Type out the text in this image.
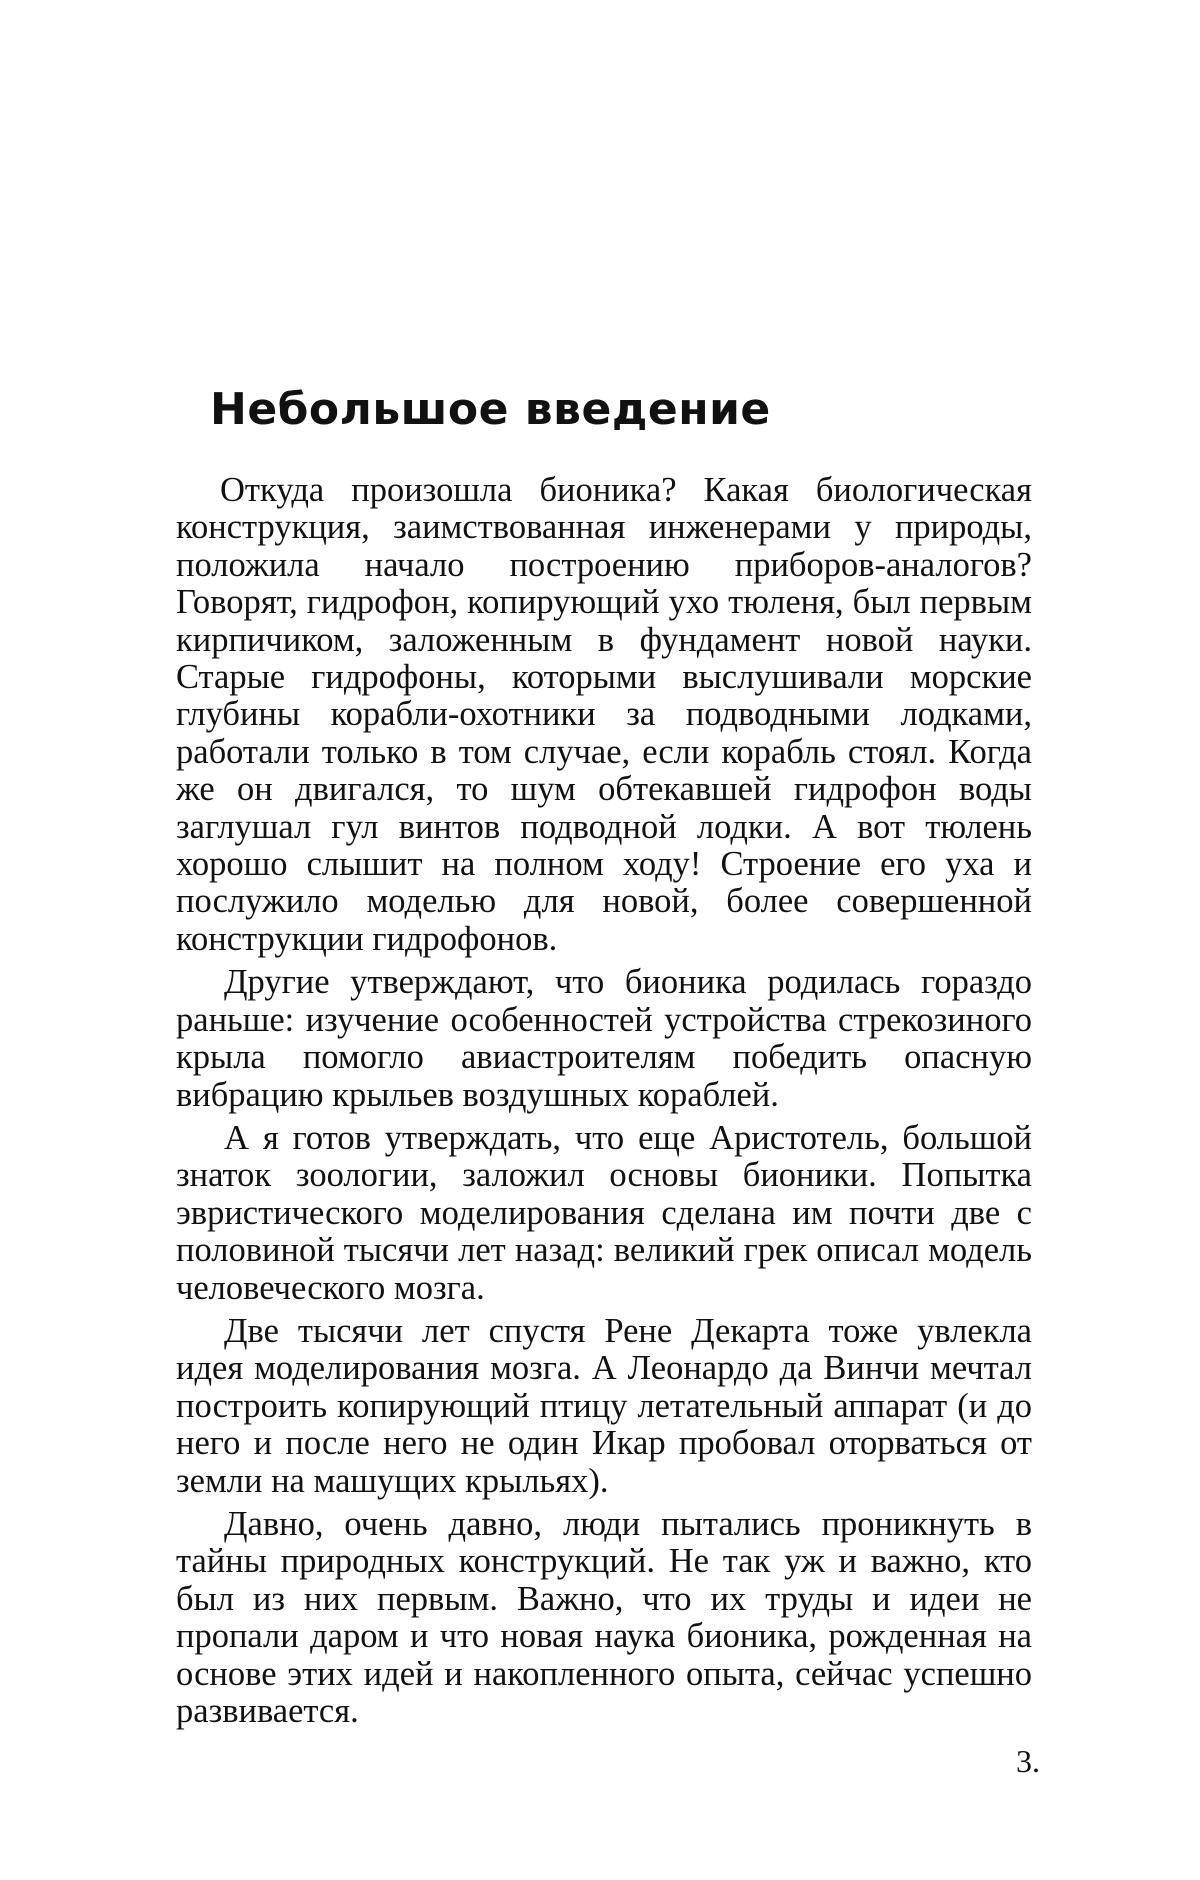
Небольшое введение

Откуда произошла бионика? Какая биологическая конструкция, заимствованная инженерами у природы, положила начало построению приборов-аналогов? Говорят, гидрофон, копирующий ухо тюленя, был первым кирпичиком, заложенным в фундамент новой науки. Старые гидрофоны, которыми выслушивали морские глубины корабли-охотники за подводными лодками, работали только в том случае, если корабль стоял. Когда же он двигался, то шум обтекавшей гидрофон воды заглушал гул винтов подводной лодки. А вот тюлень хорошо слышит на полном ходу! Строение его уха и послужило моделью для новой, более совершенной конструкции гидрофонов.

Другие утверждают, что бионика родилась гораздо раньше: изучение особенностей устройства стрекозиного крыла помогло авиастроителям победить опасную вибрацию крыльев воздушных кораблей.

А я готов утверждать, что еще Аристотель, большой знаток зоологии, заложил основы бионики. Попытка эвристического моделирования сделана им почти две с половиной тысячи лет назад: великий грек описал модель человеческого мозга.

Две тысячи лет спустя Рене Декарта тоже увлекла идея моделирования мозга. А Леонардо да Винчи мечтал построить копирующий птицу летательный аппарат (и до него и после него не один Икар пробовал оторваться от земли на машущих крыльях).

Давно, очень давно, люди пытались проникнуть в тайны природных конструкций. Не так уж и важно, кто был из них первым. Важно, что их труды и идеи не пропали даром и что новая наука бионика, рожденная на основе этих идей и накопленного опыта, сейчас успешно развивается.

3.
